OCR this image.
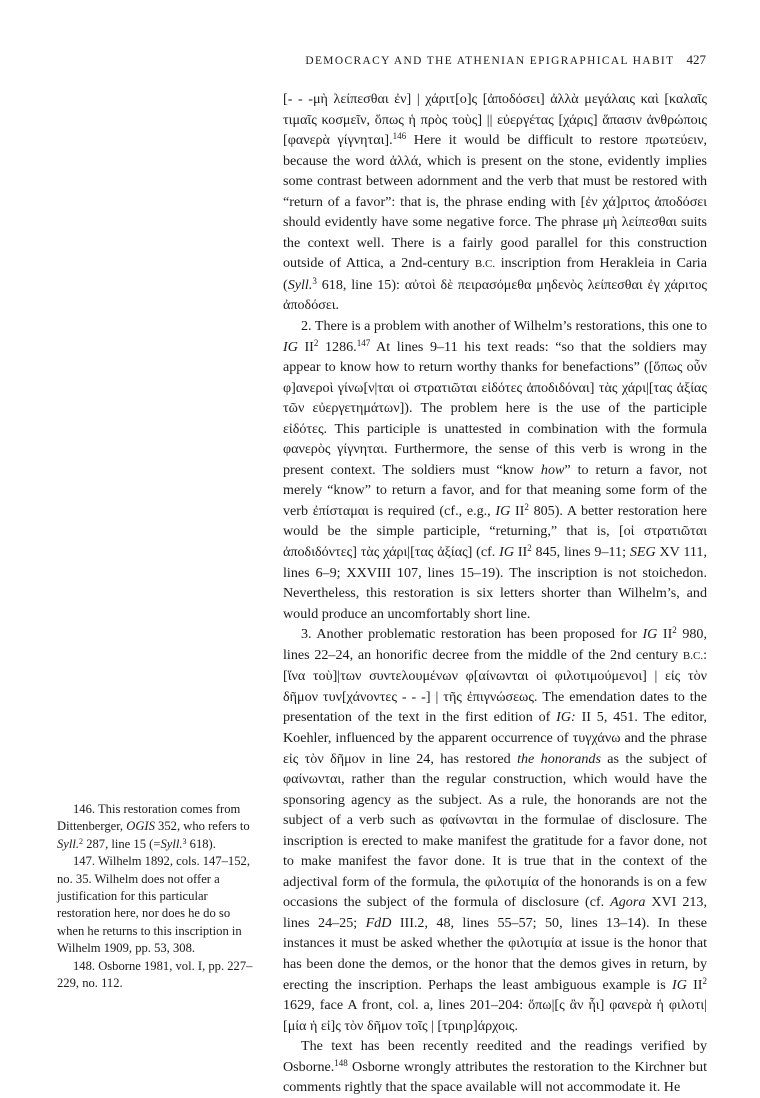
DEMOCRACY AND THE ATHENIAN EPIGRAPHICAL HABIT 427

[- - -μὴ λείπεσθαι ἐν] | χάριτ[ο]ς [ἀποδόσει] ἀλλὰ μεγάλαις καὶ [καλαῖς τιμαῖς κοσμεῖν, ὅπως ἡ πρὸς τοὺς] || εὐεργέτας [χάρις] ἅπασιν ἀνθρώποις [φανερὰ γίγνηται].$^{146}$ Here it would be difficult to restore πρωτεύειν, because the word ἀλλά, which is present on the stone, evidently implies some contrast between adornment and the verb that must be restored with “return of a favor”: that is, the phrase ending with [ἐν χά]ριτος ἀποδόσει should evidently have some negative force. The phrase μὴ λείπεσθαι suits the context well. There is a fairly good parallel for this construction outside of Attica, a 2nd-century B.C. inscription from Herakleia in Caria (Syll.$^3$ 618, line 15): αὐτοὶ δὲ πειρασόμεθα μηδενὸς λείπεσθαι ἐγ χάριτος ἀποδόσει.

2. There is a problem with another of Wilhelm’s restorations, this one to IG $II^2$ 1286.$^{147}$ At lines 9–11 his text reads: “so that the soldiers may appear to know how to return worthy thanks for benefactions” ([ὅπως οὖν φ]ανεροὶ γίνω[ν|ται οἱ στρατιῶται εἰδότες ἀποδιδόναι] τὰς χάρι|[τας ἀξίας τῶν εὐεργετημάτων]). The problem here is the use of the participle εἰδότες. This participle is unattested in combination with the formula φανερὸς γίγνηται. Furthermore, the sense of this verb is wrong in the present context. The soldiers must “know how” to return a favor, not merely “know” to return a favor, and for that meaning some form of the verb ἐπίσταμαι is required (cf., e.g., IG $II^2$ 805). A better restoration here would be the simple participle, “returning,” that is, [οἱ στρατιῶται ἀποδιδόντες] τὰς χάρι|[τας ἀξίας] (cf. IG $II^2$ 845, lines 9–11; SEG XV 111, lines 6–9; XXVIII 107, lines 15–19). The inscription is not stoichedon. Nevertheless, this restoration is six letters shorter than Wilhelm’s, and would produce an uncomfortably short line.

3. Another problematic restoration has been proposed for IG $II^2$ 980, lines 22–24, an honorific decree from the middle of the 2nd century B.C.: [ἵνα τοὺ]|των συντελουμένων φ[αίνωνται οἱ φιλοτιμούμενοι] | εἰς τὸν δῆμον τυν[χάνοντες - - -] | τῆς ἐπιγνώσεως. The emendation dates to the presentation of the text in the first edition of IG: II 5, 451. The editor, Koehler, influenced by the apparent occurrence of τυγχάνω and the phrase εἰς τὸν δῆμον in line 24, has restored the honorands as the subject of φαίνωνται, rather than the regular construction, which would have the sponsoring agency as the subject. As a rule, the honorands are not the subject of a verb such as φαίνωνται in the formulae of disclosure. The inscription is erected to make manifest the gratitude for a favor done, not to make manifest the favor done. It is true that in the context of the adjectival form of the formula, the φιλοτιμία of the honorands is on a few occasions the subject of the formula of disclosure (cf. Agora XVI 213, lines 24–25; FdD III.2, 48, lines 55–57; 50, lines 13–14). In these instances it must be asked whether the φιλοτιμία at issue is the honor that has been done the demos, or the honor that the demos gives in return, by erecting the inscription. Perhaps the least ambiguous example is IG $II^2$ 1629, face A front, col. a, lines 201–204: ὅπω|[ς ἂν ἧι] φανερὰ ἡ φιλοτι|[μία ἡ εἰ]ς τὸν δῆμον τοῖς | [τριηρ]άρχοις.

The text has been recently reedited and the readings verified by Osborne.$^{148}$ Osborne wrongly attributes the restoration to the Kirchner but comments rightly that the space available will not accommodate it. He

146. This restoration comes from Dittenberger, OGIS 352, who refers to Syll.$^2$ 287, line 15 (=Syll.$^3$ 618).

147. Wilhelm 1892, cols. 147–152, no. 35. Wilhelm does not offer a justification for this particular restoration here, nor does he do so when he returns to this inscription in Wilhelm 1909, pp. 53, 308.

148. Osborne 1981, vol. I, pp. 227–229, no. 112.
